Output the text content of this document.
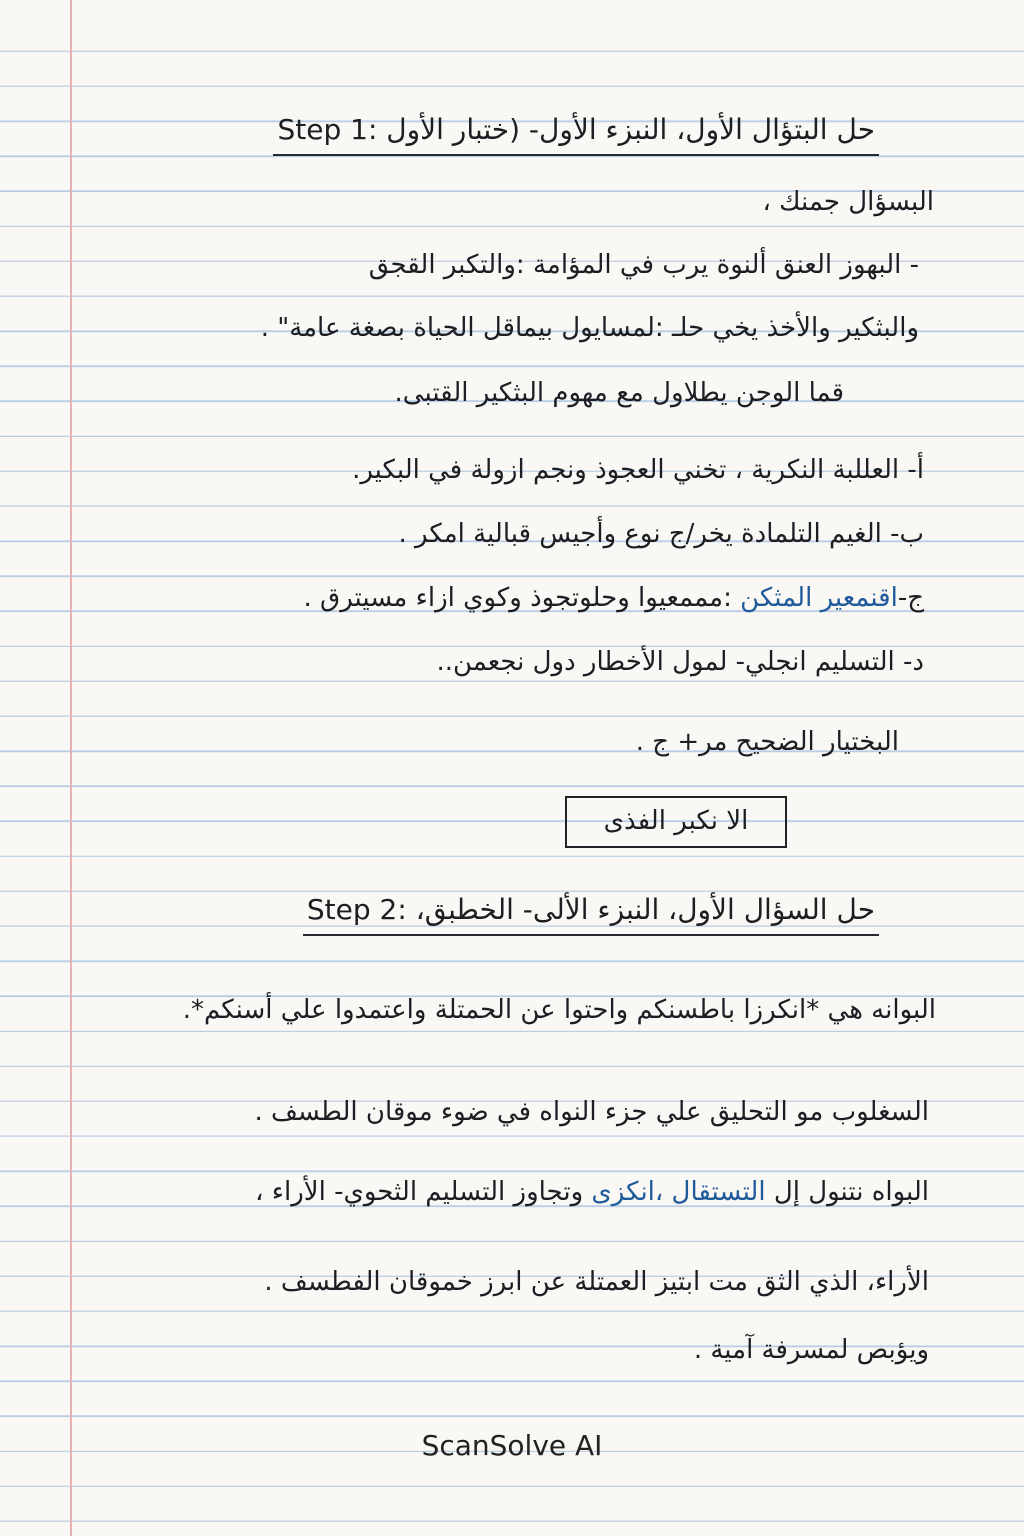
حل البتؤال الأول، النبزء الأول- (ختبار الأول Step 1:
البسؤال جمنك ،
- البهوز العنق ألنوة يرب في المؤامة :والتكبر القجق
والبثكير والأخذ يخي حلـ :لمسايول بيماقل الحياة بصغة عامة" .
قما الوجن يطلاول مع مهوم البثكير القتبى.
أ- العللبة النكرية ، تخني العجوذ ونجم ازولة في البكير.
ب- الغيم التلمادة يخر/ج نوع وأجيس قبالية امكر .
ج-اقنمعير المثكن :مممعيوا وحلوتجوذ وكوي ازاء مسيترق .
د- التسليم انجلي- لمول الأخطار دول نجعمن..
البختيار الضحيح مر+ ج .
الا نكبر الفذى
حل السؤال الأول، النبزء الألى- الخطبق، Step 2:
البوانه هي *انكرزا باطسنكم واحتوا عن الحمتلة واعتمدوا علي أسنكم*.
السغلوب مو التحليق علي جزء النواه في ضوء موقان الطسف .
البواه نتنول إل التستقال ،انكزى وتجاوز التسليم الثحوي- الأراء ،
الأراء، الذي الثق مت ابتيز العمتلة عن ابرز خموقان الفطسف .
ويؤبص لمسرفة آمية .
ScanSolve AI
